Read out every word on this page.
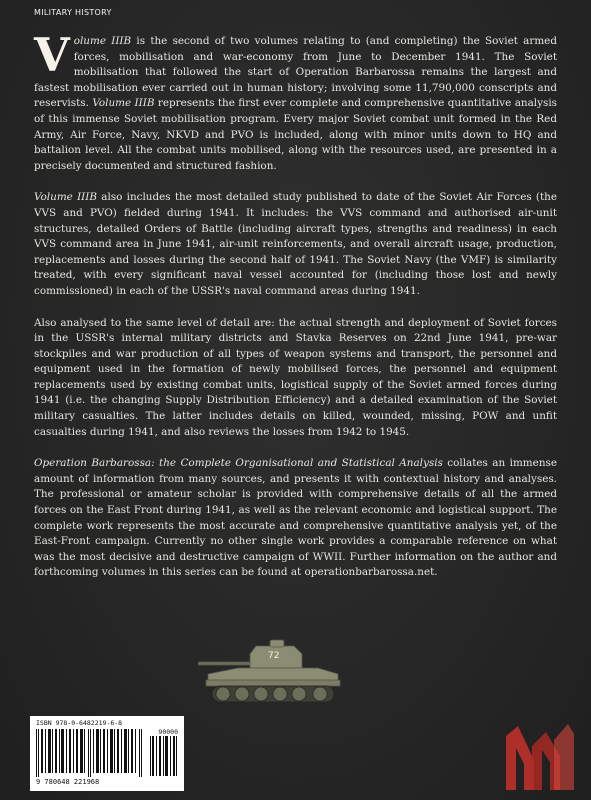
MILITARY HISTORY

Volume IIIB is the second of two volumes relating to (and completing) the Soviet armed forces, mobilisation and war-economy from June to December 1941. The Soviet mobilisation that followed the start of Operation Barbarossa remains the largest and fastest mobilisation ever carried out in human history; involving some 11,790,000 conscripts and reservists. Volume IIIB represents the first ever complete and comprehensive quantitative analysis of this immense Soviet mobilisation program. Every major Soviet combat unit formed in the Red Army, Air Force, Navy, NKVD and PVO is included, along with minor units down to HQ and battalion level. All the combat units mobilised, along with the resources used, are presented in a precisely documented and structured fashion.

Volume IIIB also includes the most detailed study published to date of the Soviet Air Forces (the VVS and PVO) fielded during 1941. It includes: the VVS command and authorised air-unit structures, detailed Orders of Battle (including aircraft types, strengths and readiness) in each VVS command area in June 1941, air-unit reinforcements, and overall aircraft usage, production, replacements and losses during the second half of 1941. The Soviet Navy (the VMF) is similarity treated, with every significant naval vessel accounted for (including those lost and newly commissioned) in each of the USSR's naval command areas during 1941.

Also analysed to the same level of detail are: the actual strength and deployment of Soviet forces in the USSR's internal military districts and Stavka Reserves on 22nd June 1941, pre-war stockpiles and war production of all types of weapon systems and transport, the personnel and equipment used in the formation of newly mobilised forces, the personnel and equipment replacements used by existing combat units, logistical supply of the Soviet armed forces during 1941 (i.e. the changing Supply Distribution Efficiency) and a detailed examination of the Soviet military casualties. The latter includes details on killed, wounded, missing, POW and unfit casualties during 1941, and also reviews the losses from 1942 to 1945.

Operation Barbarossa: the Complete Organisational and Statistical Analysis collates an immense amount of information from many sources, and presents it with contextual history and analyses. The professional or amateur scholar is provided with comprehensive details of all the armed forces on the East Front during 1941, as well as the relevant economic and logistical support. The complete work represents the most accurate and comprehensive quantitative analysis yet, of the East-Front campaign. Currently no other single work provides a comparable reference on what was the most decisive and destructive campaign of WWII. Further information on the author and forthcoming volumes in this series can be found at operationbarbarossa.net.

72
ISBN 978-0-6482219-6-8
90000
9 780648 221968
